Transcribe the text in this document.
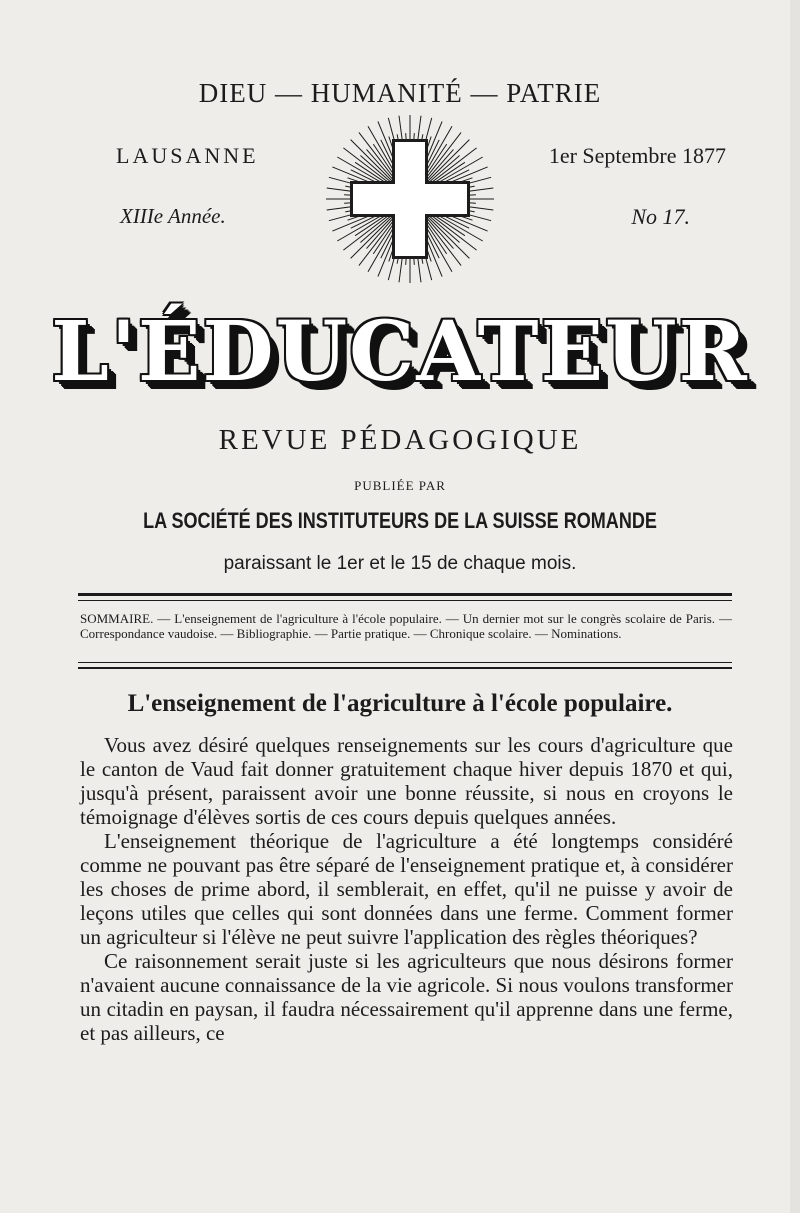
DIEU — HUMANITÉ — PATRIE
LAUSANNE	1er Septembre 1877
XIIIe Année.	No 17.
L'ÉDUCATEUR
REVUE PÉDAGOGIQUE
PUBLIÉE PAR
LA SOCIÉTÉ DES INSTITUTEURS DE LA SUISSE ROMANDE
paraissant le 1er et le 15 de chaque mois.
SOMMAIRE. — L'enseignement de l'agriculture à l'école populaire. — Un dernier mot sur le congrès scolaire de Paris. — Correspondance vaudoise. — Bibliographie. — Partie pratique. — Chronique scolaire. — Nominations.
L'enseignement de l'agriculture à l'école populaire.

Vous avez désiré quelques renseignements sur les cours d'agriculture que le canton de Vaud fait donner gratuitement chaque hiver depuis 1870 et qui, jusqu'à présent, paraissent avoir une bonne réussite, si nous en croyons le témoignage d'élèves sortis de ces cours depuis quelques années.

L'enseignement théorique de l'agriculture a été longtemps considéré comme ne pouvant pas être séparé de l'enseignement pratique et, à considérer les choses de prime abord, il semblerait, en effet, qu'il ne puisse y avoir de leçons utiles que celles qui sont données dans une ferme. Comment former un agriculteur si l'élève ne peut suivre l'application des règles théoriques?

Ce raisonnement serait juste si les agriculteurs que nous désirons former n'avaient aucune connaissance de la vie agricole. Si nous voulons transformer un citadin en paysan, il faudra nécessairement qu'il apprenne dans une ferme, et pas ailleurs, ce
